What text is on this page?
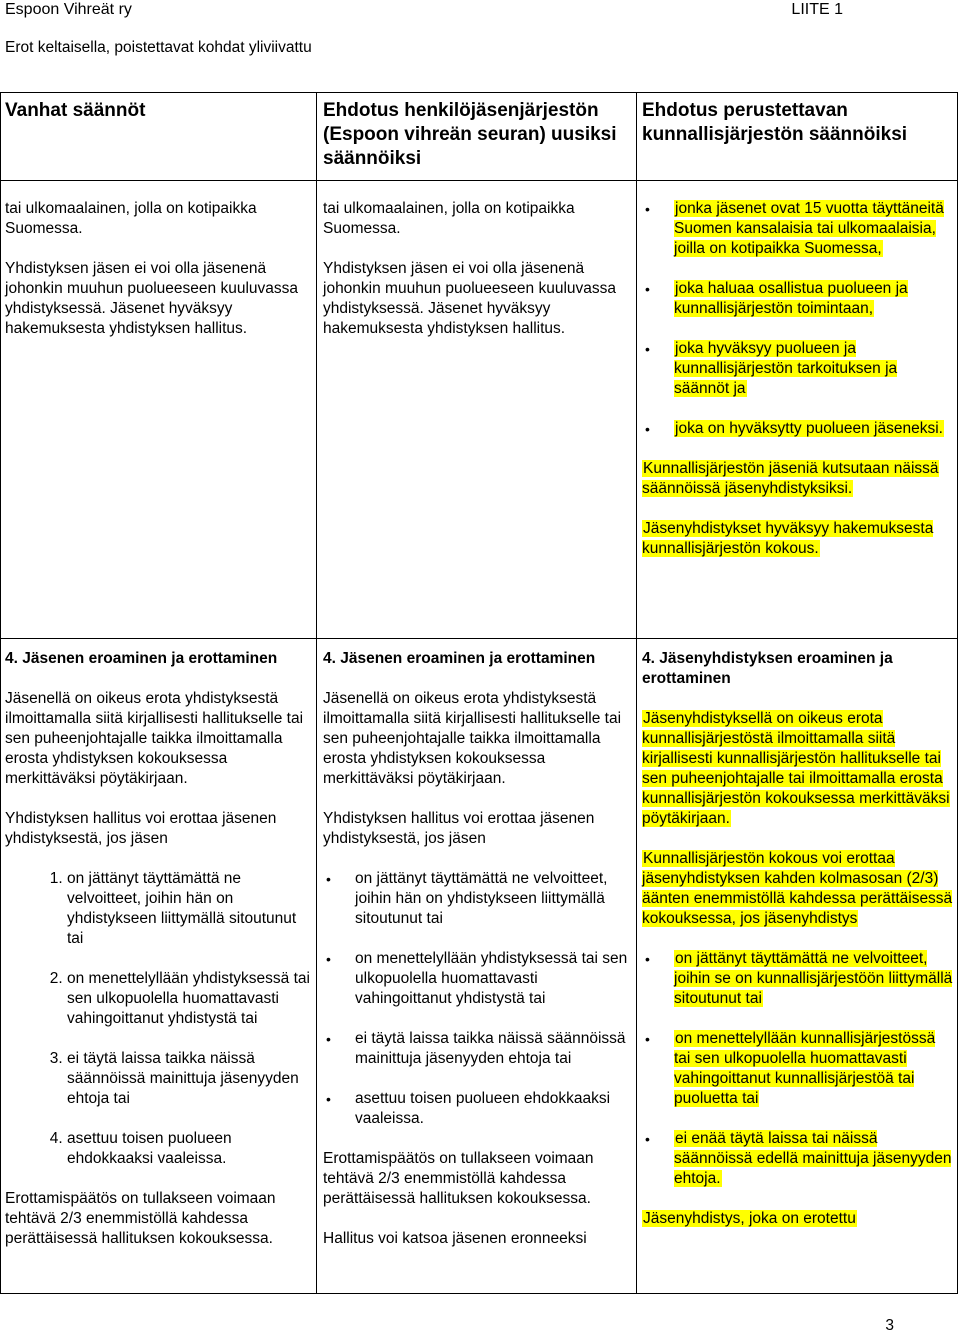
Espoon Vihreät ry	LIITE 1
Erot keltaisella, poistettavat kohdat yliviivattu
Vanhat säännöt	Ehdotus henkilöjäsenjärjestön (Espoon vihreän seuran) uusiksi säännöiksi
Ehdotus perustettavan kunnallisjärjestön säännöiksi

tai ulkomaalainen, jolla on kotipaikka Suomessa.

Yhdistyksen jäsen ei voi olla jäsenenä johonkin muuhun puolueeseen kuuluvassa yhdistyksessä. Jäsenet hyväksyy hakemuksesta yhdistyksen hallitus.

tai ulkomaalainen, jolla on kotipaikka Suomessa.

Yhdistyksen jäsen ei voi olla jäsenenä johonkin muuhun puolueeseen kuuluvassa yhdistyksessä. Jäsenet hyväksyy hakemuksesta yhdistyksen hallitus.

• jonka jäsenet ovat 15 vuotta täyttäneitä Suomen kansalaisia tai ulkomaalaisia, joilla on kotipaikka Suomessa,
• joka haluaa osallistua puolueen ja kunnallisjärjestön toimintaan,
• joka hyväksyy puolueen ja kunnallisjärjestön tarkoituksen ja säännöt ja
• joka on hyväksytty puolueen jäseneksi.

Kunnallisjärjestön jäseniä kutsutaan näissä säännöissä jäsenyhdistyksiksi.

Jäsenyhdistykset hyväksyy hakemuksesta kunnallisjärjestön kokous.

4. Jäsenen eroaminen ja erottaminen

Jäsenellä on oikeus erota yhdistyksestä ilmoittamalla siitä kirjallisesti hallitukselle tai sen puheenjohtajalle taikka ilmoittamalla erosta yhdistyksen kokouksessa merkittäväksi pöytäkirjaan.

Yhdistyksen hallitus voi erottaa jäsenen yhdistyksestä, jos jäsen

1. on jättänyt täyttämättä ne velvoitteet, joihin hän on yhdistykseen liittymällä sitoutunut tai
2. on menettelyllään yhdistyksessä tai sen ulkopuolella huomattavasti vahingoittanut yhdistystä tai
3. ei täytä laissa taikka näissä säännöissä mainittuja jäsenyyden ehtoja tai
4. asettuu toisen puolueen ehdokkaaksi vaaleissa.

Erottamispäätös on tullakseen voimaan tehtävä 2/3 enemmistöllä kahdessa perättäisessä hallituksen kokouksessa.

4. Jäsenen eroaminen ja erottaminen

Jäsenellä on oikeus erota yhdistyksestä ilmoittamalla siitä kirjallisesti hallitukselle tai sen puheenjohtajalle taikka ilmoittamalla erosta yhdistyksen kokouksessa merkittäväksi pöytäkirjaan.

Yhdistyksen hallitus voi erottaa jäsenen yhdistyksestä, jos jäsen

• on jättänyt täyttämättä ne velvoitteet, joihin hän on yhdistykseen liittymällä sitoutunut tai
• on menettelyllään yhdistyksessä tai sen ulkopuolella huomattavasti vahingoittanut yhdistystä tai
• ei täytä laissa taikka näissä säännöissä mainittuja jäsenyyden ehtoja tai
• asettuu toisen puolueen ehdokkaaksi vaaleissa.

Erottamispäätös on tullakseen voimaan tehtävä 2/3 enemmistöllä kahdessa perättäisessä hallituksen kokouksessa.

Hallitus voi katsoa jäsenen eronneeksi

4. Jäsenyhdistyksen eroaminen ja erottaminen

Jäsenyhdistyksellä on oikeus erota kunnallisjärjestöstä ilmoittamalla siitä kirjallisesti kunnallisjärjestön hallitukselle tai sen puheenjohtajalle tai ilmoittamalla erosta kunnallisjärjestön kokouksessa merkittäväksi pöytäkirjaan.

Kunnallisjärjestön kokous voi erottaa jäsenyhdistyksen kahden kolmasosan (2/3) äänten enemmistöllä kahdessa perättäisessä kokouksessa, jos jäsenyhdistys

• on jättänyt täyttämättä ne velvoitteet, joihin se on kunnallisjärjestöön liittymällä sitoutunut tai
• on menettelyllään kunnallisjärjestössä tai sen ulkopuolella huomattavasti vahingoittanut kunnallisjärjestöä tai puoluetta tai
• ei enää täytä laissa tai näissä säännöissä edellä mainittuja jäsenyyden ehtoja.

Jäsenyhdistys, joka on erotettu

3
